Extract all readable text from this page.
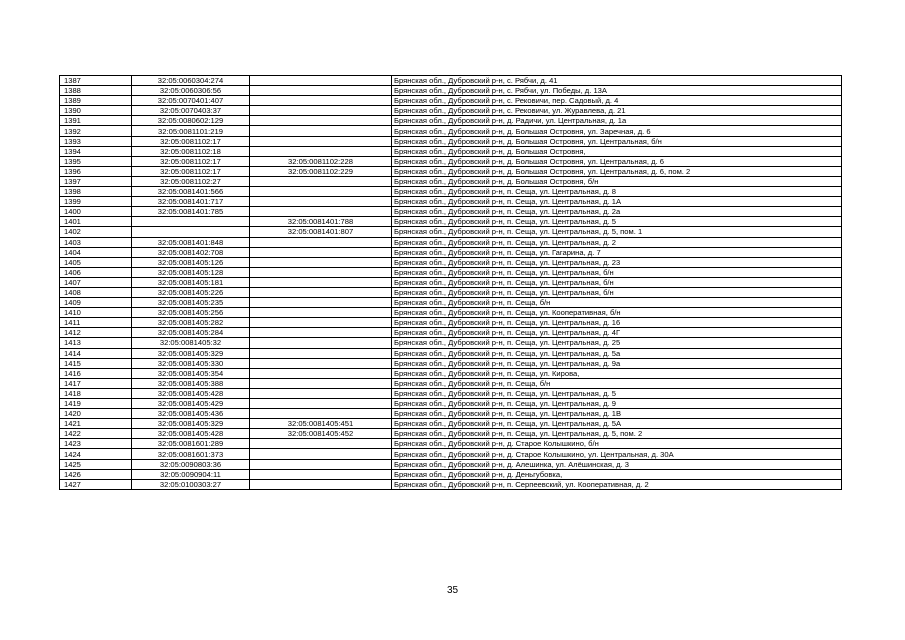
1387	32:05:0060304:274		Брянская обл., Дубровский р-н, с. Рябчи, д. 41
1388	32:05:0060306:56		Брянская обл., Дубровский р-н, с. Рябчи, ул. Победы, д. 13А
1389	32:05:0070401:407		Брянская обл., Дубровский р-н, с. Рековичи, пер. Садовый, д. 4
1390	32:05:0070403:37		Брянская обл., Дубровский р-н, с. Рековичи, ул. Журавлева, д. 21
1391	32:05:0080602:129		Брянская обл., Дубровский р-н, д. Радичи, ул. Центральная, д. 1а
1392	32:05:0081101:219		Брянская обл., Дубровский р-н, д. Большая Островня, ул. Заречная, д. 6
1393	32:05:0081102:17		Брянская обл., Дубровский р-н, д. Большая Островня, ул. Центральная, б/н
1394	32:05:0081102:18		Брянская обл., Дубровский р-н, д. Большая Островня,
1395	32:05:0081102:17	32:05:0081102:228	Брянская обл., Дубровский р-н, д. Большая Островня, ул. Центральная, д. 6
1396	32:05:0081102:17	32:05:0081102:229	Брянская обл., Дубровский р-н, д. Большая Островня, ул. Центральная, д. 6, пом. 2
1397	32:05:0081102:27		Брянская обл., Дубровский р-н, д. Большая Островня, б/н
1398	32:05:0081401:566		Брянская обл., Дубровский р-н, п. Сеща, ул. Центральная, д. 8
1399	32:05:0081401:717		Брянская обл., Дубровский р-н, п. Сеща, ул. Центральная, д. 1А
1400	32:05:0081401:785		Брянская обл., Дубровский р-н, п. Сеща, ул. Центральная, д. 2а
1401		32:05:0081401:788	Брянская обл., Дубровский р-н, п. Сеща, ул. Центральная, д. 5
1402		32:05:0081401:807	Брянская обл., Дубровский р-н, п. Сеща, ул. Центральная, д. 5, пом. 1
1403	32:05:0081401:848		Брянская обл., Дубровский р-н, п. Сеща, ул. Центральная, д. 2
1404	32:05:0081402:708		Брянская обл., Дубровский р-н, п. Сеща, ул. Гагарина, д. 7
1405	32:05:0081405:126		Брянская обл., Дубровский р-н, п. Сеща, ул. Центральная, д. 23
1406	32:05:0081405:128		Брянская обл., Дубровский р-н, п. Сеща, ул. Центральная, б/н
1407	32:05:0081405:181		Брянская обл., Дубровский р-н, п. Сеща, ул. Центральная, б/н
1408	32:05:0081405:226		Брянская обл., Дубровский р-н, п. Сеща, ул. Центральная, б/н
1409	32:05:0081405:235		Брянская обл., Дубровский р-н, п. Сеща, б/н
1410	32:05:0081405:256		Брянская обл., Дубровский р-н, п. Сеща, ул. Кооперативная, б/н
1411	32:05:0081405:282		Брянская обл., Дубровский р-н, п. Сеща, ул. Центральная, д. 16
1412	32:05:0081405:284		Брянская обл., Дубровский р-н, п. Сеща, ул. Центральная, д. 4Г
1413	32:05:0081405:32		Брянская обл., Дубровский р-н, п. Сеща, ул. Центральная, д. 25
1414	32:05:0081405:329		Брянская обл., Дубровский р-н, п. Сеща, ул. Центральная, д. 5а
1415	32:05:0081405:330		Брянская обл., Дубровский р-н, п. Сеща, ул. Центральная, д. 9а
1416	32:05:0081405:354		Брянская обл., Дубровский р-н, п. Сеща, ул. Кирова,
1417	32:05:0081405:388		Брянская обл., Дубровский р-н, п. Сеща, б/н
1418	32:05:0081405:428		Брянская обл., Дубровский р-н, п. Сеща, ул. Центральная, д. 5
1419	32:05:0081405:429		Брянская обл., Дубровский р-н, п. Сеща, ул. Центральная, д. 9
1420	32:05:0081405:436		Брянская обл., Дубровский р-н, п. Сеща, ул. Центральная, д. 1В
1421	32:05:0081405:329	32:05:0081405:451	Брянская обл., Дубровский р-н, п. Сеща, ул. Центральная, д. 5А
1422	32:05:0081405:428	32:05:0081405:452	Брянская обл., Дубровский р-н, п. Сеща, ул. Центральная, д. 5, пом. 2
1423	32:05:0081601:289		Брянская обл., Дубровский р-н, д. Старое Колышкино, б/н
1424	32:05:0081601:373		Брянская обл., Дубровский р-н, д. Старое Колышкино, ул. Центральная, д. 30А
1425	32:05:0090803:36		Брянская обл., Дубровский р-н, д. Алешинка, ул. Алёшинская, д. 3
1426	32:05:0090904:11		Брянская обл., Дубровский р-н, д. Деньгубовка,
1427	32:05:0100303:27		Брянская обл., Дубровский р-н, п. Серпеевский, ул. Кооперативная, д. 2
35
